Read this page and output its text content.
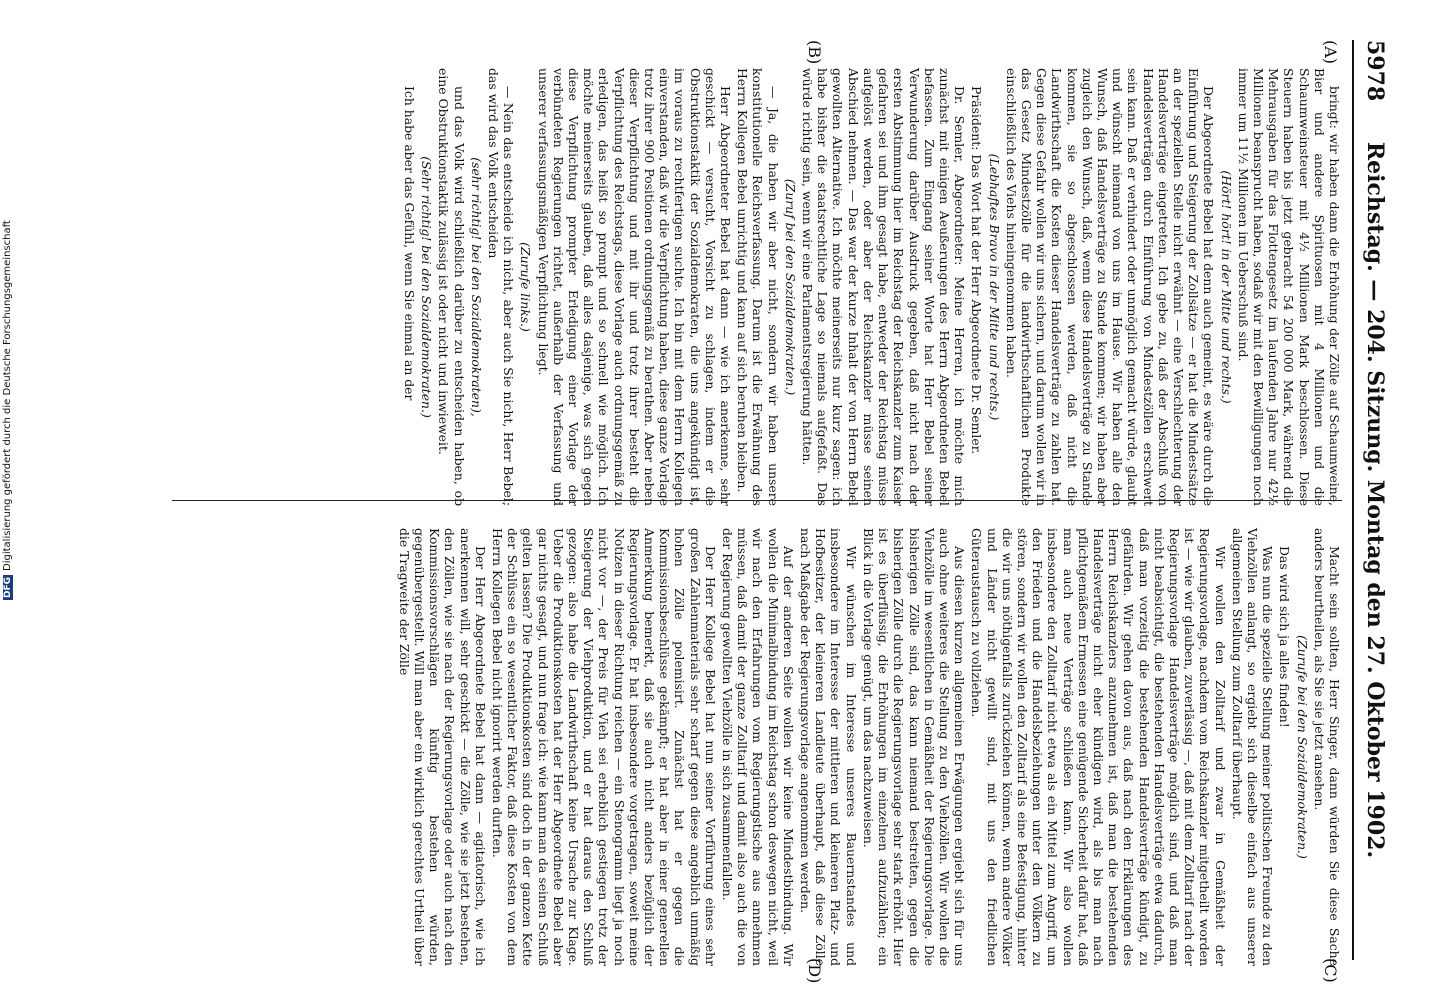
5978
Reichstag. — 204. Sitzung. Montag den 27. Oktober 1902.
(A)
(B)
(C)
(D)

bringt: wir haben dann die Erhöhung der Zölle auf Schaumweine, Bier und andere Spirituosen mit 4 Millionen und die Schaumweinsteuer mit 4½ Millionen Mark beschlossen. Diese Steuern haben bis jetzt gebracht 54 200 000 Mark, während die Mehrausgaben für das Flottengesetz im laufenden Jahre nur 42½ Millionen beansprucht haben, sodaß wir mit den Bewilligungen noch immer um 11½ Millionen im Ueberschuß sind.

(Hört! hört! in der Mitte und rechts.)

Der Abgeordnete Bebel hat denn auch gemeint, es wäre durch die Einführung und Steigerung der Zollsätze — er hat die Mindestsätze an der speziellen Stelle nicht erwähnt — eine Verschlechterung der Handelsverträge eingetreten. Ich gebe zu, daß der Abschluß von Handelsverträgen durch Einführung von Mindestzöllen erschwert sein kann. Daß er verhindert oder unmöglich gemacht würde, glaubt und wünscht niemand von uns im Hause. Wir haben alle den Wunsch, daß Handelsverträge zu Stande kommen; wir haben aber zugleich den Wunsch, daß, wenn diese Handelsverträge zu Stande kommen, sie so abgeschlossen werden, daß nicht die Landwirthschaft die Kosten dieser Handelsverträge zu zahlen hat. Gegen diese Gefahr wollen wir uns sichern, und darum wollen wir in das Gesetz Mindestzölle für die landwirthschaftlichen Produkte einschließlich des Viehs hineingenommen haben.

(Lebhaftes Bravo in der Mitte und rechts.)

Präsident: Das Wort hat der Herr Abgeordnete Dr. Semler.

Dr. Semler, Abgeordneter: Meine Herren, ich möchte mich zunächst mit einigen Aeußerungen des Herrn Abgeordneten Bebel befassen. Zum Eingang seiner Worte hat Herr Bebel seiner Verwunderung darüber Ausdruck gegeben, daß nicht nach der ersten Abstimmung hier im Reichstag der Reichskanzler zum Kaiser gefahren sei und ihm gesagt habe, entweder der Reichstag müsse aufgelöst werden, oder aber der Reichskanzler müsse seinen Abschied nehmen. — Das war der kurze Inhalt der von Herrn Bebel gewollten Alternative. Ich möchte meinerseits nur kurz sagen: ich habe bisher die staatsrechtliche Lage so niemals aufgefaßt. Das würde richtig sein, wenn wir eine Parlamentsregierung hätten.

(Zuruf bei den Sozialdemokraten.)

— Ja, die haben wir aber nicht, sondern wir haben unsere konstitutionelle Reichsverfassung. Darum ist die Erwähnung des Herrn Kollegen Bebel unrichtig und kann auf sich beruhen bleiben.

Herr Abgeordneter Bebel hat dann — wie ich anerkenne, sehr geschickt — versucht, Vorsicht zu schlagen, indem er die Obstruktionstaktik der Sozialdemokraten, die uns angekündigt ist, im voraus zu rechtfertigen suchte. Ich bin mit dem Herrn Kollegen einverstanden, daß wir die Verpflichtung haben, diese ganze Vorlage trotz ihrer 900 Positionen ordnungsgemäß zu berathen. Aber neben dieser Verpflichtung und mit ihr und trotz ihrer besteht die Verpflichtung des Reichstags, diese Vorlage auch ordnungsgemäß zu erledigen, das heißt so prompt und so schnell wie möglich. Ich möchte meinerseits glauben, daß alles dasjenige, was sich gegen diese Verpflichtung prompter Erledigung einer Vorlage der verbündeten Regierungen richtet, außerhalb der Verfassung und unserer verfassungsmäßigen Verpflichtung liegt.

(Zurufe links.)

— Nein das entscheide ich nicht, aber auch Sie nicht, Herr Bebel; das wird das Volk entscheiden

(sehr richtig! bei den Sozialdemokraten),

und das Volk wird schließlich darüber zu entscheiden haben, ob eine Obstruktionstaktik zulässig ist oder nicht und inwieweit.

(Sehr richtig! bei den Sozialdemokraten.)

Ich habe aber das Gefühl, wenn Sie einmal an der

Macht sein sollten, Herr Singer, dann würden Sie diese Sache anders beurtheilen, als Sie sie jetzt ansehen.

(Zurufe bei den Sozialdemokraten.)

Das wird sich ja alles finden!

Was nun die spezielle Stellung meiner politischen Freunde zu den Viehzöllen anlangt, so ergiebt sich dieselbe einfach aus unserer allgemeinen Stellung zum Zolltarif überhaupt.

Wir wollen den Zolltarif und zwar in Gemäßheit der Regierungsvorlage, nachdem vom Reichskanzler mitgetheilt worden ist — wie wir glauben, zuverlässig —, daß mit dem Zolltarif nach der Regierungsvorlage Handelsverträge möglich sind, und daß man nicht beabsichtigt, die bestehenden Handelsverträge etwa dadurch, daß man vorzeitig die bestehenden Handelsverträge kündigt, zu gefährden. Wir gehen davon aus, daß nach den Erklärungen des Herrn Reichskanzlers anzunehmen ist, daß man die bestehenden Handelsverträge nicht eher kündigen wird, als bis man nach pflichtgemäßem Ermessen eine genügende Sicherheit dafür hat, daß man auch neue Verträge schließen kann. Wir also wollen insbesondere den Zolltarif nicht etwa als ein Mittel zum Angriff, um den Frieden und die Handelsbeziehungen unter den Völkern zu stören, sondern wir wollen den Zolltarif als eine Befestigung, hinter die wir uns nöthigenfalls zurückziehen können, wenn andere Völker und Länder nicht gewillt sind, mit uns den friedlichen Güteraustausch zu vollziehen.

Aus diesen kurzen allgemeinen Erwägungen ergiebt sich für uns auch ohne weiteres die Stellung zu den Viehzöllen. Wir wollen die Viehzölle im wesentlichen in Gemäßheit der Regierungsvorlage. Die bisherigen Zölle sind, das kann niemand bestreiten, gegen die bisherigen Zölle durch die Regierungsvorlage sehr stark erhöht. Hier ist es überflüssig, die Erhöhungen im einzelnen aufzuzählen; ein Blick in die Vorlage genügt, um das nachzuweisen.

Wir wünschen im Interesse unseres Bauernstandes und insbesondere im Interesse der mittleren und kleineren Platz- und Hofbesitzer, der kleineren Landleute überhaupt, daß diese Zölle nach Maßgabe der Regierungsvorlage angenommen werden.

Auf der anderen Seite wollen wir keine Mindestbindung. Wir wollen die Minimalbindung im Reichstag schon deswegen nicht, weil wir nach den Erfahrungen vom Regierungstische aus annehmen müssen, daß damit der ganze Zolltarif und damit also auch die von der Regierung gewollten Viehzölle in sich zusammenfallen.

Der Herr Kollege Bebel hat nun seiner Vorführung eines sehr großen Zahlenmaterials sehr scharf gegen diese angeblich unmäßig hohen Zölle polemisirt. Zunächst hat er gegen die Kommissionsbeschlüsse gekämpft; er hat aber in einer generellen Anmerkung bemerkt, daß sie auch nicht anders bezüglich der Regierungsvorlage. Er hat insbesondere vorgetragen, soweit meine Notizen in dieser Richtung reichen — ein Stenogramm liegt ja noch nicht vor —, der Preis für Vieh sei erheblich gestiegen trotz der Steigerung der Viehproduktion, und er hat daraus den Schluß gezogen: also habe die Landwirthschaft keine Ursache zur Klage. Ueber die Produktionskosten hat der Herr Abgeordnete Bebel aber gar nichts gesagt, und nun frage ich: wie kann man da seinen Schluß gelten lassen? Die Produktionskosten sind doch in der ganzen Kette der Schlüsse ein so wesentlicher Faktor, daß diese Kosten von dem Herrn Kollegen Bebel nicht ignorirt werden durften.

Der Herr Abgeordnete Bebel hat dann — agitatorisch, wie ich anerkennen will, sehr geschickt — die Zölle, wie sie jetzt bestehen, den Zöllen, wie sie nach der Regierungsvorlage oder auch nach den Kommissionsvorschlägen künftig bestehen würden, gegenübergestellt. Will man aber ein wirklich gerechtes Urtheil über die Tragweite der Zölle

DFGDigitalisierung gefördert durch die Deutsche Forschungsgemeinschaft
